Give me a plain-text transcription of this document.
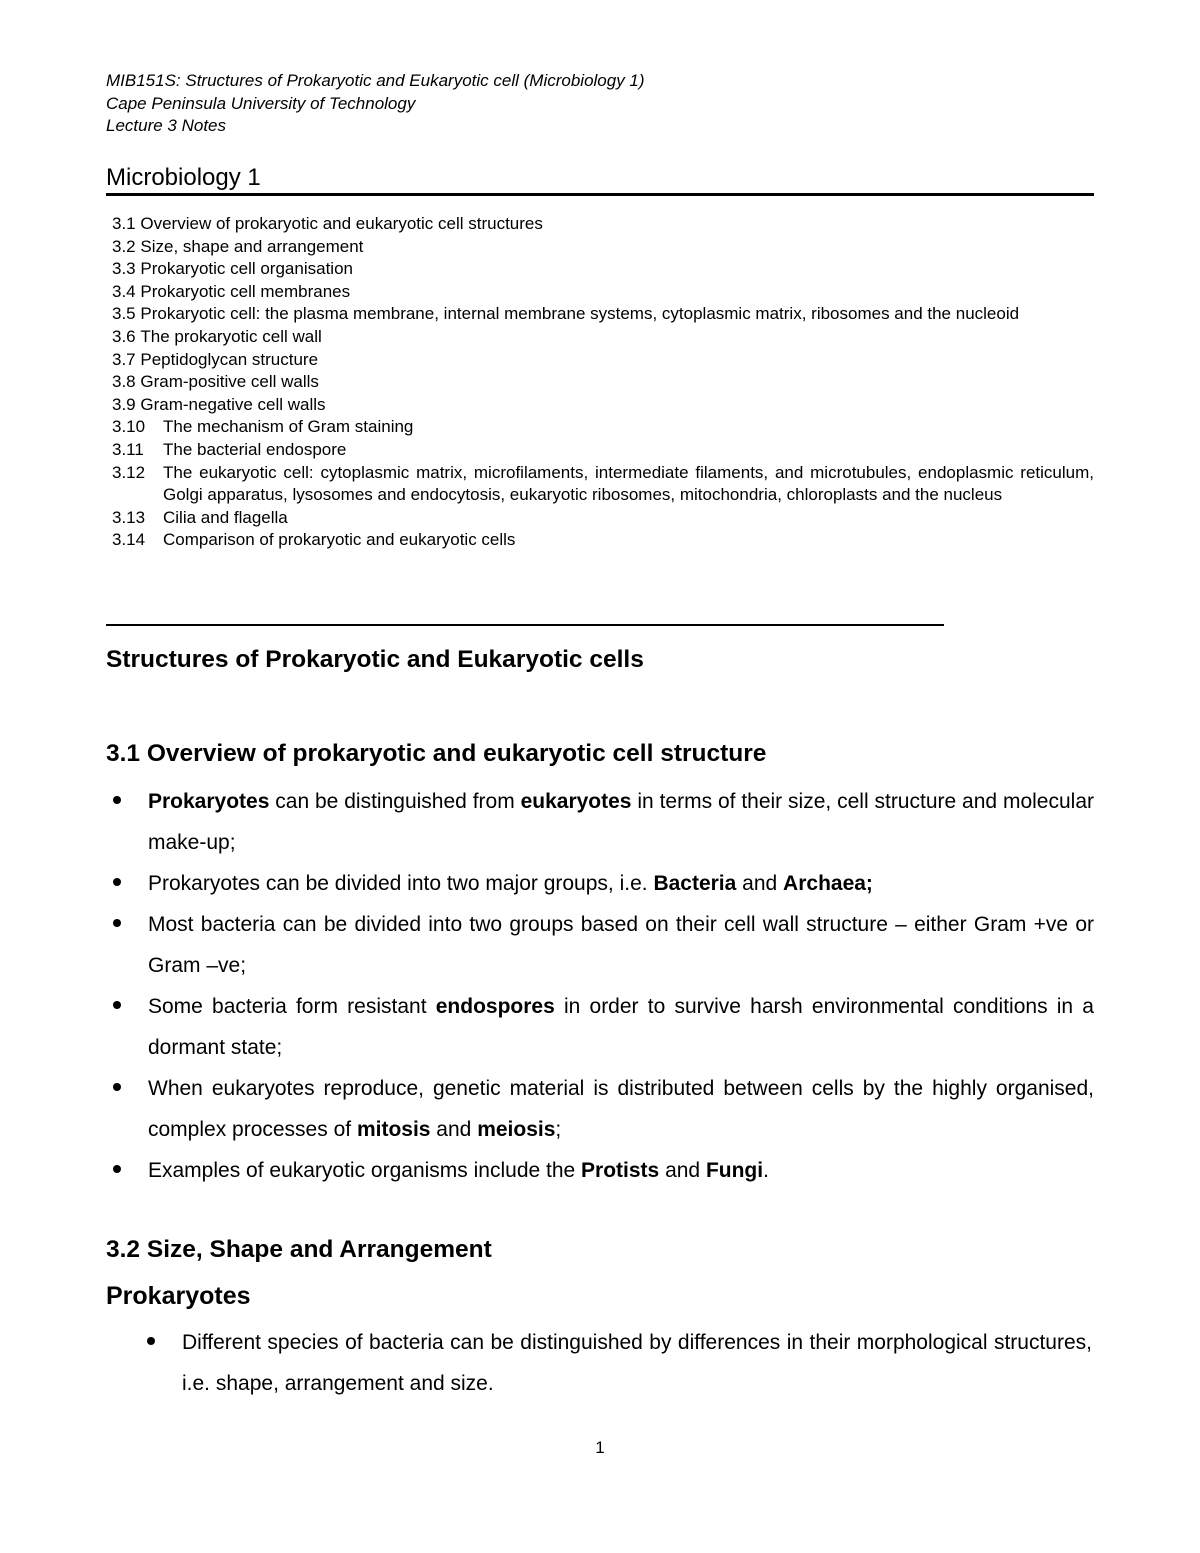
MIB151S: Structures of Prokaryotic and Eukaryotic cell (Microbiology 1)
Cape Peninsula University of Technology
Lecture 3 Notes
Microbiology 1
3.1 Overview of prokaryotic and eukaryotic cell structures
3.2 Size, shape and arrangement
3.3 Prokaryotic cell organisation
3.4 Prokaryotic cell membranes
3.5 Prokaryotic cell: the plasma membrane, internal membrane systems, cytoplasmic matrix, ribosomes and the nucleoid
3.6 The prokaryotic cell wall
3.7 Peptidoglycan structure
3.8 Gram-positive cell walls
3.9 Gram-negative cell walls
3.10	The mechanism of Gram staining
3.11	The bacterial endospore
3.12	The eukaryotic cell: cytoplasmic matrix, microfilaments, intermediate filaments, and microtubules, endoplasmic reticulum, Golgi apparatus, lysosomes and endocytosis, eukaryotic ribosomes, mitochondria, chloroplasts and the nucleus
3.13	Cilia and flagella
3.14	Comparison of prokaryotic and eukaryotic cells
Structures of Prokaryotic and Eukaryotic cells
3.1 Overview of prokaryotic and eukaryotic cell structure
Prokaryotes can be distinguished from eukaryotes in terms of their size, cell structure and molecular make-up;
Prokaryotes can be divided into two major groups, i.e. Bacteria and Archaea;
Most bacteria can be divided into two groups based on their cell wall structure – either Gram +ve or Gram –ve;
Some bacteria form resistant endospores in order to survive harsh environmental conditions in a dormant state;
When eukaryotes reproduce, genetic material is distributed between cells by the highly organised, complex processes of mitosis and meiosis;
Examples of eukaryotic organisms include the Protists and Fungi.
3.2 Size, Shape and Arrangement
Prokaryotes
Different species of bacteria can be distinguished by differences in their morphological structures, i.e. shape, arrangement and size.
1
